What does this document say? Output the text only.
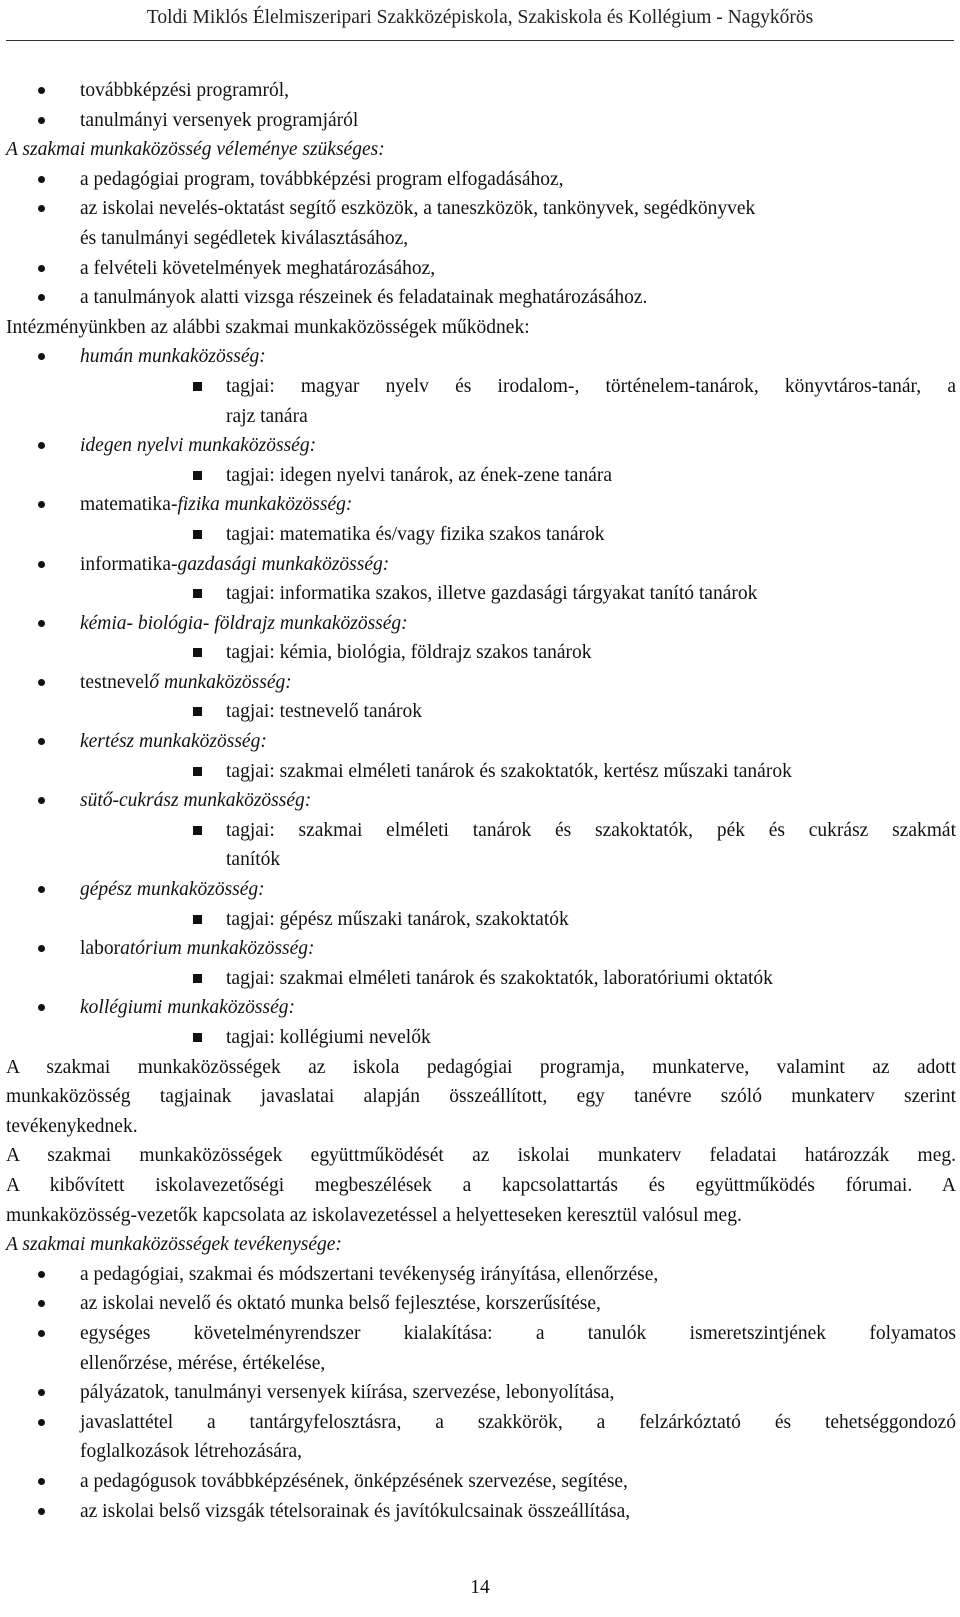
Toldi Miklós Élelmiszeripari Szakközépiskola, Szakiskola és Kollégium - Nagykőrös
továbbképzési programról,
tanulmányi versenyek programjáról
A szakmai munkaközösség véleménye szükséges:
a pedagógiai program, továbbképzési program elfogadásához,
az iskolai nevelés-oktatást segítő eszközök, a taneszközök, tankönyvek, segédkönyvek
és tanulmányi segédletek kiválasztásához,
a felvételi követelmények meghatározásához,
a tanulmányok alatti vizsga részeinek és feladatainak meghatározásához.
Intézményünkben az alábbi szakmai munkaközösségek működnek:
humán munkaközösség:
tagjai: magyar nyelv és irodalom-, történelem-tanárok, könyvtáros-tanár, a
rajz tanára
idegen nyelvi munkaközösség:
tagjai: idegen nyelvi tanárok, az ének-zene tanára
matematika-fizika munkaközösség:
tagjai: matematika és/vagy fizika szakos tanárok
informatika-gazdasági munkaközösség:
tagjai: informatika szakos, illetve gazdasági tárgyakat tanító tanárok
kémia- biológia- földrajz munkaközösség:
tagjai: kémia, biológia, földrajz szakos tanárok
testnevelő munkaközösség:
tagjai: testnevelő tanárok
kertész munkaközösség:
tagjai: szakmai elméleti tanárok és szakoktatók, kertész műszaki tanárok
sütő-cukrász munkaközösség:
tagjai: szakmai elméleti tanárok és szakoktatók, pék és cukrász szakmát
tanítók
gépész munkaközösség:
tagjai: gépész műszaki tanárok, szakoktatók
laboratórium munkaközösség:
tagjai: szakmai elméleti tanárok és szakoktatók, laboratóriumi oktatók
kollégiumi munkaközösség:
tagjai: kollégiumi nevelők
A szakmai munkaközösségek az iskola pedagógiai programja, munkaterve, valamint az adott
munkaközösség tagjainak javaslatai alapján összeállított, egy tanévre szóló munkaterv szerint
tevékenykednek.
A szakmai munkaközösségek együttműködését az iskolai munkaterv feladatai határozzák meg.
A kibővített iskolavezetőségi megbeszélések a kapcsolattartás és együttműködés fórumai. A
munkaközösség-vezetők kapcsolata az iskolavezetéssel a helyetteseken keresztül valósul meg.
A szakmai munkaközösségek tevékenysége:
a pedagógiai, szakmai és módszertani tevékenység irányítása, ellenőrzése,
az iskolai nevelő és oktató munka belső fejlesztése, korszerűsítése,
egységes követelményrendszer kialakítása: a tanulók ismeretszintjének folyamatos
ellenőrzése, mérése, értékelése,
pályázatok, tanulmányi versenyek kiírása, szervezése, lebonyolítása,
javaslattétel a tantárgyfelosztásra, a szakkörök, a felzárkóztató és tehetséggondozó
foglalkozások létrehozására,
a pedagógusok továbbképzésének, önképzésének szervezése, segítése,
az iskolai belső vizsgák tételsorainak és javítókulcsainak összeállítása,
14
